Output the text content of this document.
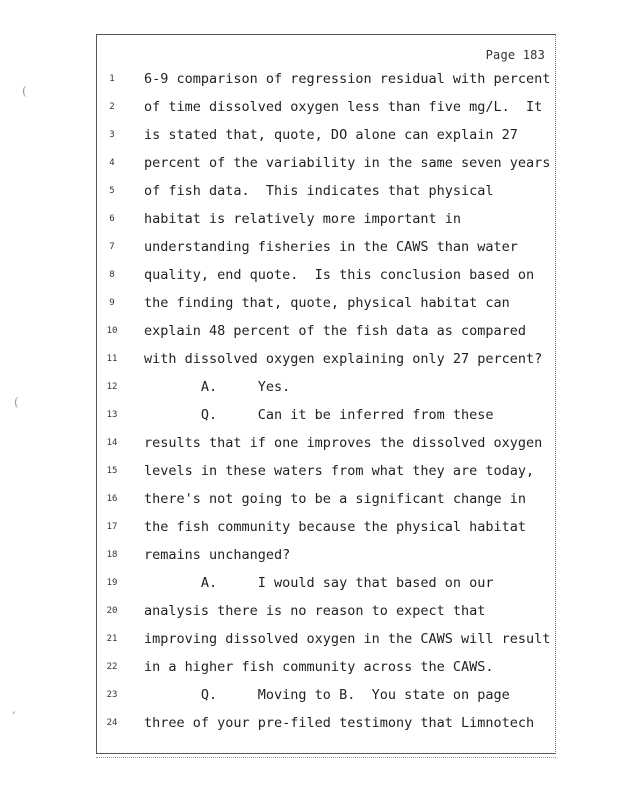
(
(
,
Page 183
1	6-9 comparison of regression residual with percent
2	of time dissolved oxygen less than five mg/L.  It
3	is stated that, quote, DO alone can explain 27
4	percent of the variability in the same seven years
5	of fish data.  This indicates that physical
6	habitat is relatively more important in
7	understanding fisheries in the CAWS than water
8	quality, end quote.  Is this conclusion based on
9	the finding that, quote, physical habitat can
10	explain 48 percent of the fish data as compared
11	with dissolved oxygen explaining only 27 percent?
12	A.     Yes.
13	Q.     Can it be inferred from these
14	results that if one improves the dissolved oxygen
15	levels in these waters from what they are today,
16	there's not going to be a significant change in
17	the fish community because the physical habitat
18	remains unchanged?
19	A.     I would say that based on our
20	analysis there is no reason to expect that
21	improving dissolved oxygen in the CAWS will result
22	in a higher fish community across the CAWS.
23	Q.     Moving to B.  You state on page
24	three of your pre-filed testimony that Limnotech
